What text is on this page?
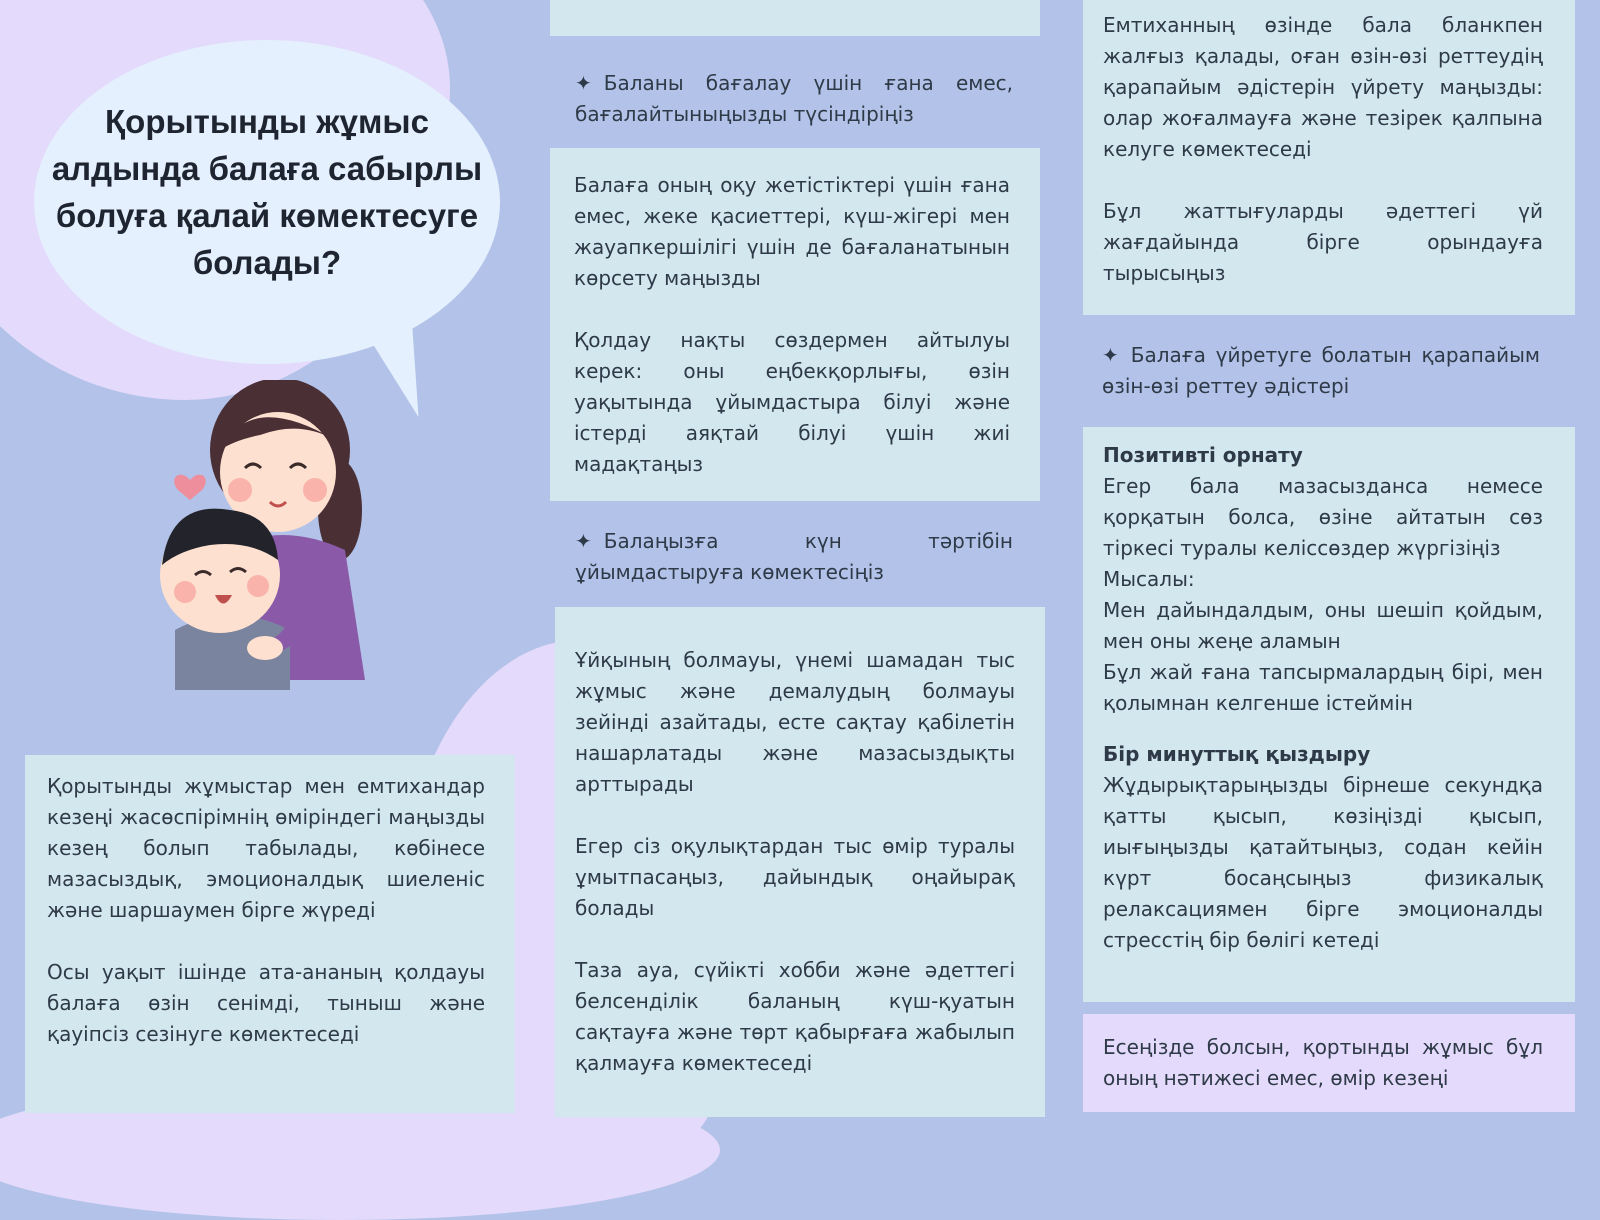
Қорытынды жұмыс алдында балаға сабырлы болуға қалай көмектесуге болады?

Қорытынды жұмыстар мен емтихандар кезеңі жасөспірімнің өміріндегі маңызды кезең болып табылады, көбінесе мазасыздық, эмоционалдық шиеленіс және шаршаумен бірге жүреді

Осы уақыт ішінде ата-ананың қолдауы балаға өзін сенімді, тыныш және қауіпсіз сезінуге көмектеседі

✦ Баланы бағалау үшін ғана емес, бағалайтыныңызды түсіндіріңіз

Балаға оның оқу жетістіктері үшін ғана емес, жеке қасиеттері, күш-жігері мен жауапкершілігі үшін де бағаланатынын көрсету маңызды

Қолдау нақты сөздермен айтылуы керек: оны еңбекқорлығы, өзін уақытында ұйымдастыра білуі және істерді аяқтай білуі үшін жиі мадақтаңыз

✦ Балаңызға күн тәртібін ұйымдастыруға көмектесіңіз

Ұйқының болмауы, үнемі шамадан тыс жұмыс және демалудың болмауы зейінді азайтады, есте сақтау қабілетін нашарлатады және мазасыздықты арттырады

Егер сіз оқулықтардан тыс өмір туралы ұмытпасаңыз, дайындық оңайырақ болады

Таза ауа, сүйікті хобби және әдеттегі белсенділік баланың күш-қуатын сақтауға және төрт қабырғаға жабылып қалмауға көмектеседі

Емтиханның өзінде бала бланкпен жалғыз қалады, оған өзін-өзі реттеудің қарапайым әдістерін үйрету маңызды: олар жоғалмауға және тезірек қалпына келуге көмектеседі

Бұл жаттығуларды әдеттегі үй жағдайында бірге орындауға тырысыңыз

✦ Балаға үйретуге болатын қарапайым өзін-өзі реттеу әдістері
Позитивті орнату
Егер бала мазасызданса немесе қорқатын болса, өзіне айтатын сөз тіркесі туралы келіссөздер жүргізіңіз
Мысалы:
Мен дайындалдым, оны шешіп қойдым, мен оны жеңе аламын
Бұл жай ғана тапсырмалардың бірі, мен қолымнан келгенше істеймін
Бір минуттық қыздыру
Жұдырықтарыңызды бірнеше секундқа қатты қысып, көзіңізді қысып, иығыңызды қатайтыңыз, содан кейін күрт босаңсыңыз физикалық релаксациямен бірге эмоционалды стресстің бір бөлігі кетеді

Есеңізде болсын, қортынды жұмыс бұл оның нәтижесі емес, өмір кезеңі
